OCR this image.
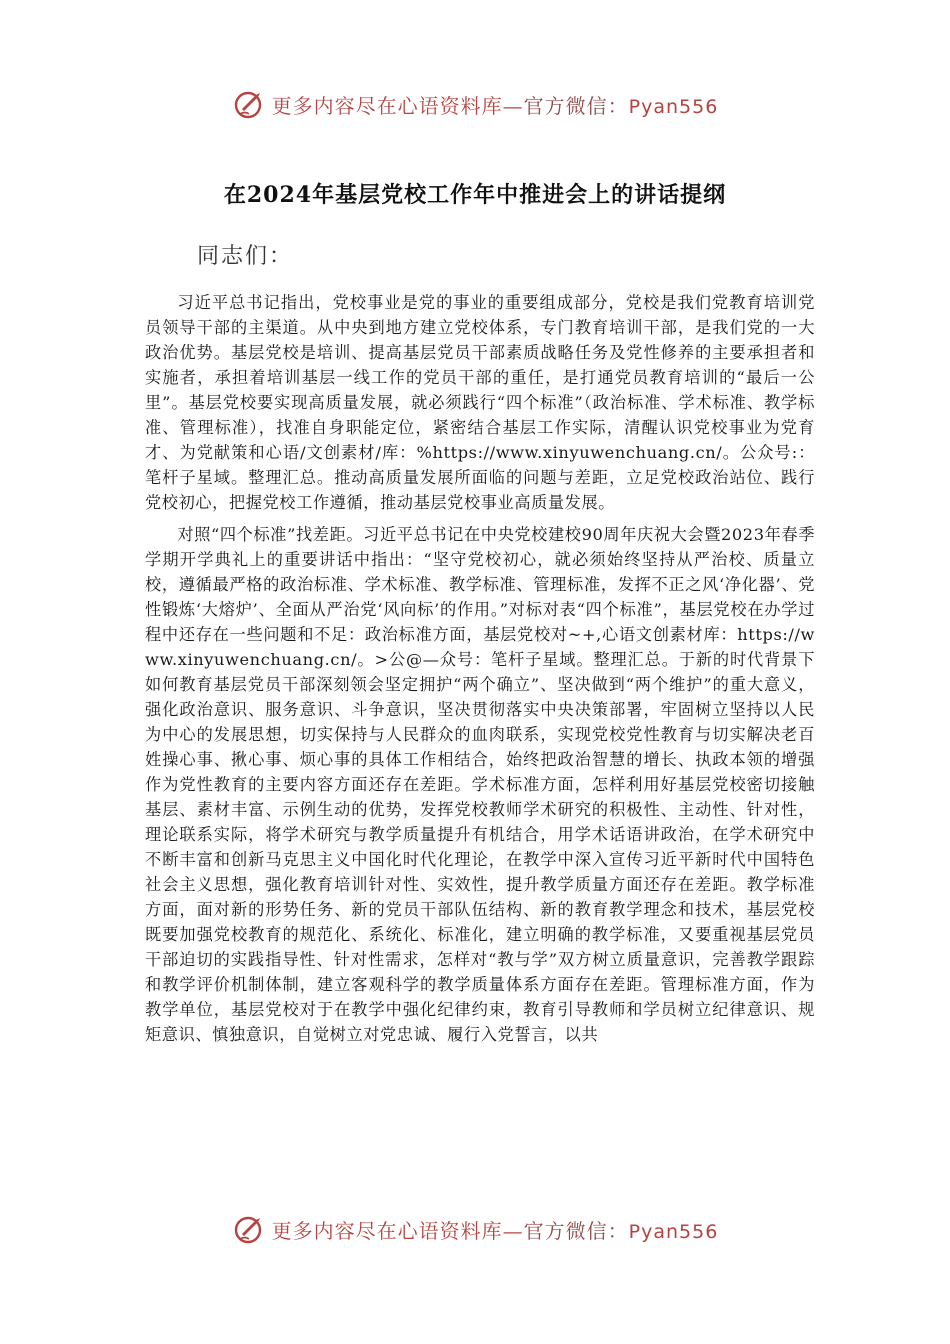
更多内容尽在心语资料库—官方微信：Pyan556
在2024年基层党校工作年中推进会上的讲话提纲
同志们：

习近平总书记指出，党校事业是党的事业的重要组成部分，党校是我们党教育培训党员领导干部的主渠道。从中央到地方建立党校体系，专门教育培训干部，是我们党的一大政治优势。基层党校是培训、提高基层党员干部素质战略任务及党性修养的主要承担者和实施者，承担着培训基层一线工作的党员干部的重任，是打通党员教育培训的“最后一公里”。基层党校要实现高质量发展，就必须践行“四个标准”（政治标准、学术标准、教学标准、管理标准），找准自身职能定位，紧密结合基层工作实际，清醒认识党校事业为党育才、为党献策和心语/文创素材/库：%https://www.xinyuwenchuang.cn/。公众号:：笔杆子星域。整理汇总。推动高质量发展所面临的问题与差距，立足党校政治站位、践行党校初心，把握党校工作遵循，推动基层党校事业高质量发展。

对照“四个标准”找差距。习近平总书记在中央党校建校90周年庆祝大会暨2023年春季学期开学典礼上的重要讲话中指出：“坚守党校初心，就必须始终坚持从严治校、质量立校，遵循最严格的政治标准、学术标准、教学标准、管理标准，发挥不正之风‘净化器’、党性锻炼‘大熔炉’、全面从严治党‘风向标’的作用。”对标对表“四个标准”，基层党校在办学过程中还存在一些问题和不足：政治标准方面，基层党校对~+,心语文创素材库：https://www.xinyuwenchuang.cn/。>公@—众号：笔杆子星域。整理汇总。于新的时代背景下如何教育基层党员干部深刻领会坚定拥护“两个确立”、坚决做到“两个维护”的重大意义，强化政治意识、服务意识、斗争意识，坚决贯彻落实中央决策部署，牢固树立坚持以人民为中心的发展思想，切实保持与人民群众的血肉联系，实现党校党性教育与切实解决老百姓操心事、揪心事、烦心事的具体工作相结合，始终把政治智慧的增长、执政本领的增强作为党性教育的主要内容方面还存在差距。学术标准方面，怎样利用好基层党校密切接触基层、素材丰富、示例生动的优势，发挥党校教师学术研究的积极性、主动性、针对性，理论联系实际，将学术研究与教学质量提升有机结合，用学术话语讲政治，在学术研究中不断丰富和创新马克思主义中国化时代化理论，在教学中深入宣传习近平新时代中国特色社会主义思想，强化教育培训针对性、实效性，提升教学质量方面还存在差距。教学标准方面，面对新的形势任务、新的党员干部队伍结构、新的教育教学理念和技术，基层党校既要加强党校教育的规范化、系统化、标准化，建立明确的教学标准，又要重视基层党员干部迫切的实践指导性、针对性需求，怎样对“教与学”双方树立质量意识，完善教学跟踪和教学评价机制体制，建立客观科学的教学质量体系方面存在差距。管理标准方面，作为教学单位，基层党校对于在教学中强化纪律约束，教育引导教师和学员树立纪律意识、规矩意识、慎独意识，自觉树立对党忠诚、履行入党誓言，以共

更多内容尽在心语资料库—官方微信：Pyan556
